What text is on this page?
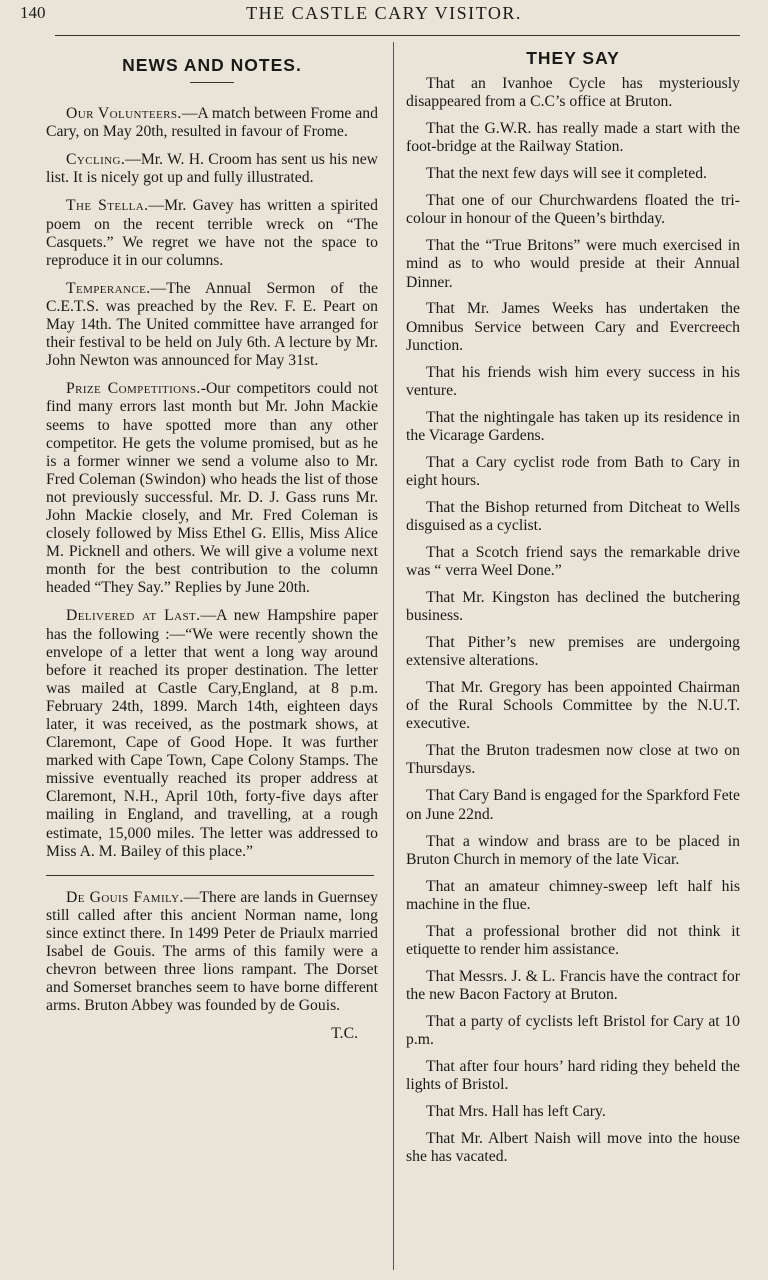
140	THE CASTLE CARY VISITOR.
NEWS AND NOTES.

Our Volunteers.—A match between Frome and Cary, on May 20th, resulted in favour of Frome.

Cycling.—Mr. W. H. Croom has sent us his new list. It is nicely got up and fully illustrated.

The Stella.—Mr. Gavey has written a spirited poem on the recent terrible wreck on “The Casquets.” We regret we have not the space to reproduce it in our columns.

Temperance.—The Annual Sermon of the C.E.T.S. was preached by the Rev. F. E. Peart on May 14th. The United committee have arranged for their festival to be held on July 6th. A lecture by Mr. John Newton was announced for May 31st.

Prize Competitions.-Our competitors could not find many errors last month but Mr. John Mackie seems to have spotted more than any other competitor. He gets the volume promised, but as he is a former winner we send a volume also to Mr. Fred Coleman (Swindon) who heads the list of those not previously successful. Mr. D. J. Gass runs Mr. John Mackie closely, and Mr. Fred Coleman is closely followed by Miss Ethel G. Ellis, Miss Alice M. Picknell and others. We will give a volume next month for the best contribution to the column headed “They Say.” Replies by June 20th.

Delivered at Last.—A new Hampshire paper has the following :—“We were recently shown the envelope of a letter that went a long way around before it reached its proper destination. The letter was mailed at Castle Cary,England, at 8 p.m. February 24th, 1899. March 14th, eighteen days later, it was received, as the postmark shows, at Claremont, Cape of Good Hope. It was further marked with Cape Town, Cape Colony Stamps. The missive eventually reached its proper address at Claremont, N.H., April 10th, forty-five days after mailing in England, and travelling, at a rough estimate, 15,000 miles. The letter was addressed to Miss A. M. Bailey of this place.”

De Gouis Family.—There are lands in Guernsey still called after this ancient Norman name, long since extinct there. In 1499 Peter de Priaulx married Isabel de Gouis. The arms of this family were a chevron between three lions rampant. The Dorset and Somerset branches seem to have borne different arms. Bruton Abbey was founded by de Gouis.

T.C.

THEY SAY

That an Ivanhoe Cycle has mysteriously disappeared from a C.C’s office at Bruton.

That the G.W.R. has really made a start with the foot-bridge at the Railway Station.

That the next few days will see it completed.

That one of our Churchwardens floated the tri-colour in honour of the Queen’s birthday.

That the “True Britons” were much exercised in mind as to who would preside at their Annual Dinner.

That Mr. James Weeks has undertaken the Omnibus Service between Cary and Evercreech Junction.

That his friends wish him every success in his venture.

That the nightingale has taken up its residence in the Vicarage Gardens.

That a Cary cyclist rode from Bath to Cary in eight hours.

That the Bishop returned from Ditcheat to Wells disguised as a cyclist.

That a Scotch friend says the remarkable drive was “ verra Weel Done.”

That Mr. Kingston has declined the butchering business.

That Pither’s new premises are undergoing extensive alterations.

That Mr. Gregory has been appointed Chairman of the Rural Schools Committee by the N.U.T. executive.

That the Bruton tradesmen now close at two on Thursdays.

That Cary Band is engaged for the Sparkford Fete on June 22nd.

That a window and brass are to be placed in Bruton Church in memory of the late Vicar.

That an amateur chimney-sweep left half his machine in the flue.

That a professional brother did not think it etiquette to render him assistance.

That Messrs. J. & L. Francis have the contract for the new Bacon Factory at Bruton.

That a party of cyclists left Bristol for Cary at 10 p.m.

That after four hours’ hard riding they beheld the lights of Bristol.

That Mrs. Hall has left Cary.

That Mr. Albert Naish will move into the house she has vacated.
